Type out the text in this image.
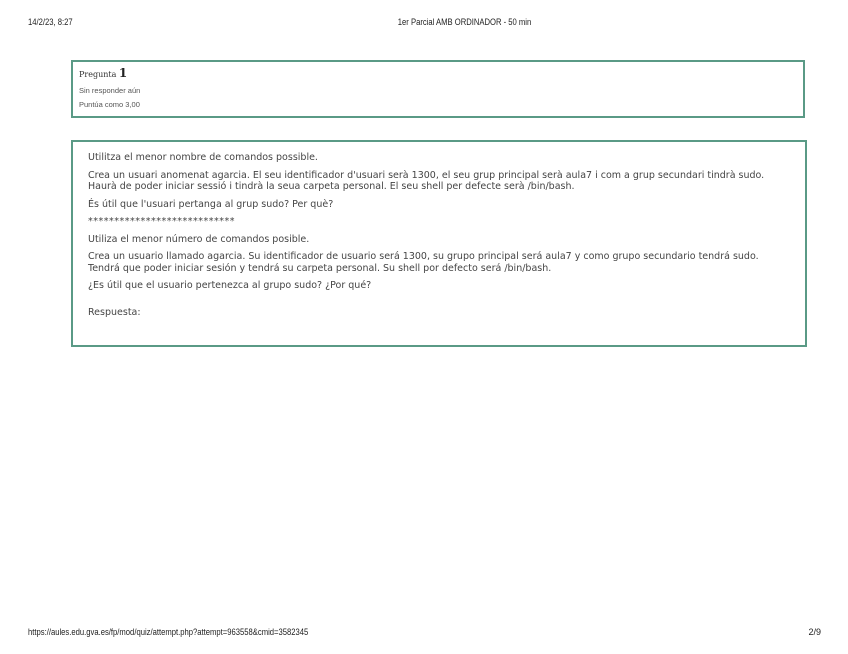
14/2/23, 8:27	1er Parcial AMB ORDINADOR - 50 min
Pregunta 1
Sin responder aún
Puntúa como 3,00

Utilitza el menor nombre de comandos possible.

Crea un usuari anomenat agarcia. El seu identificador d'usuari serà 1300, el seu grup principal serà aula7 i com a grup secundari tindrà sudo. Haurà de poder iniciar sessió i tindrà la seua carpeta personal. El seu shell per defecte serà /bin/bash.

És útil que l'usuari pertanga al grup sudo? Per què?

****************************

Utiliza el menor número de comandos posible.

Crea un usuario llamado agarcia. Su identificador de usuario será 1300, su grupo principal será aula7 y como grupo secundario tendrá sudo. Tendrá que poder iniciar sesión y tendrá su carpeta personal. Su shell por defecto será /bin/bash.

¿Es útil que el usuario pertenezca al grupo sudo? ¿Por qué?

Respuesta:

https://aules.edu.gva.es/fp/mod/quiz/attempt.php?attempt=963558&cmid=3582345	2/9
